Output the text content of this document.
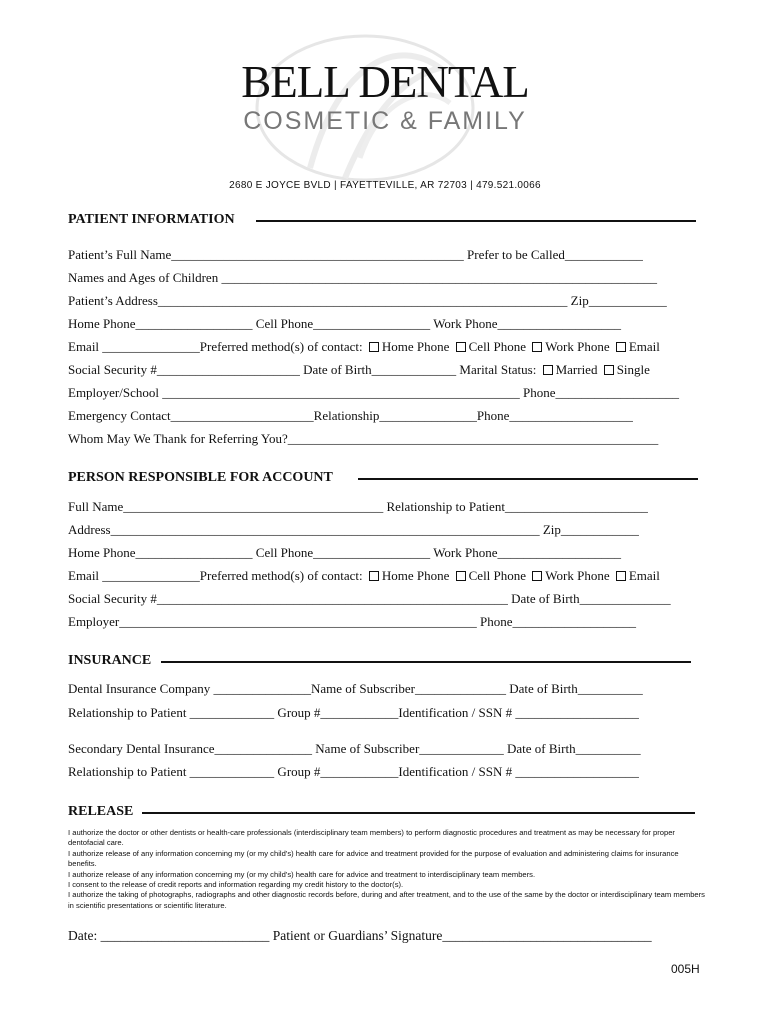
BELL DENTAL
COSMETIC & FAMILY
2680 E JOYCE BVLD | FAYETTEVILLE, AR 72703 | 479.521.0066
PATIENT INFORMATION
Patient’s Full Name_____________________________________________ Prefer to be Called____________
Names and Ages of Children ___________________________________________________________________
Patient’s Address_______________________________________________________________ Zip____________
Home Phone__________________ Cell Phone__________________ Work Phone___________________
Email _______________Preferred method(s) of contact: Home Phone Cell Phone Work Phone Email
Social Security #______________________ Date of Birth_____________ Marital Status: Married Single
Employer/School _______________________________________________________ Phone___________________
Emergency Contact______________________Relationship_______________Phone___________________
Whom May We Thank for Referring You?_________________________________________________________
PERSON RESPONSIBLE FOR ACCOUNT
Full Name________________________________________ Relationship to Patient______________________
Address__________________________________________________________________ Zip____________
Home Phone__________________ Cell Phone__________________ Work Phone___________________
Email _______________Preferred method(s) of contact: Home Phone Cell Phone Work Phone Email
Social Security #______________________________________________________ Date of Birth______________
Employer_______________________________________________________ Phone___________________
INSURANCE
Dental Insurance Company _______________Name of Subscriber______________ Date of Birth__________
Relationship to Patient _____________ Group #____________Identification / SSN # ___________________
Secondary Dental Insurance_______________ Name of Subscriber_____________ Date of Birth__________
Relationship to Patient _____________ Group #____________Identification / SSN # ___________________
RELEASE
I authorize the doctor or other dentists or health-care professionals (interdisciplinary team members) to perform diagnostic procedures and treatment as may be necessary for proper dentofacial care.
I authorize release of any information concerning my (or my child’s) health care for advice and treatment provided for the purpose of evaluation and administering claims for insurance benefits.
I authorize release of any information concerning my (or my child’s) health care for advice and treatment to interdisciplinary team members.
I consent to the release of credit reports and information regarding my credit history to the doctor(s).
I authorize the taking of photographs, radiographs and other diagnostic records before, during and after treatment, and to the use of the same by the doctor or interdisciplinary team members in scientific presentations or scientific literature.
Date: _________________________ Patient or Guardians’ Signature_______________________________
005H
